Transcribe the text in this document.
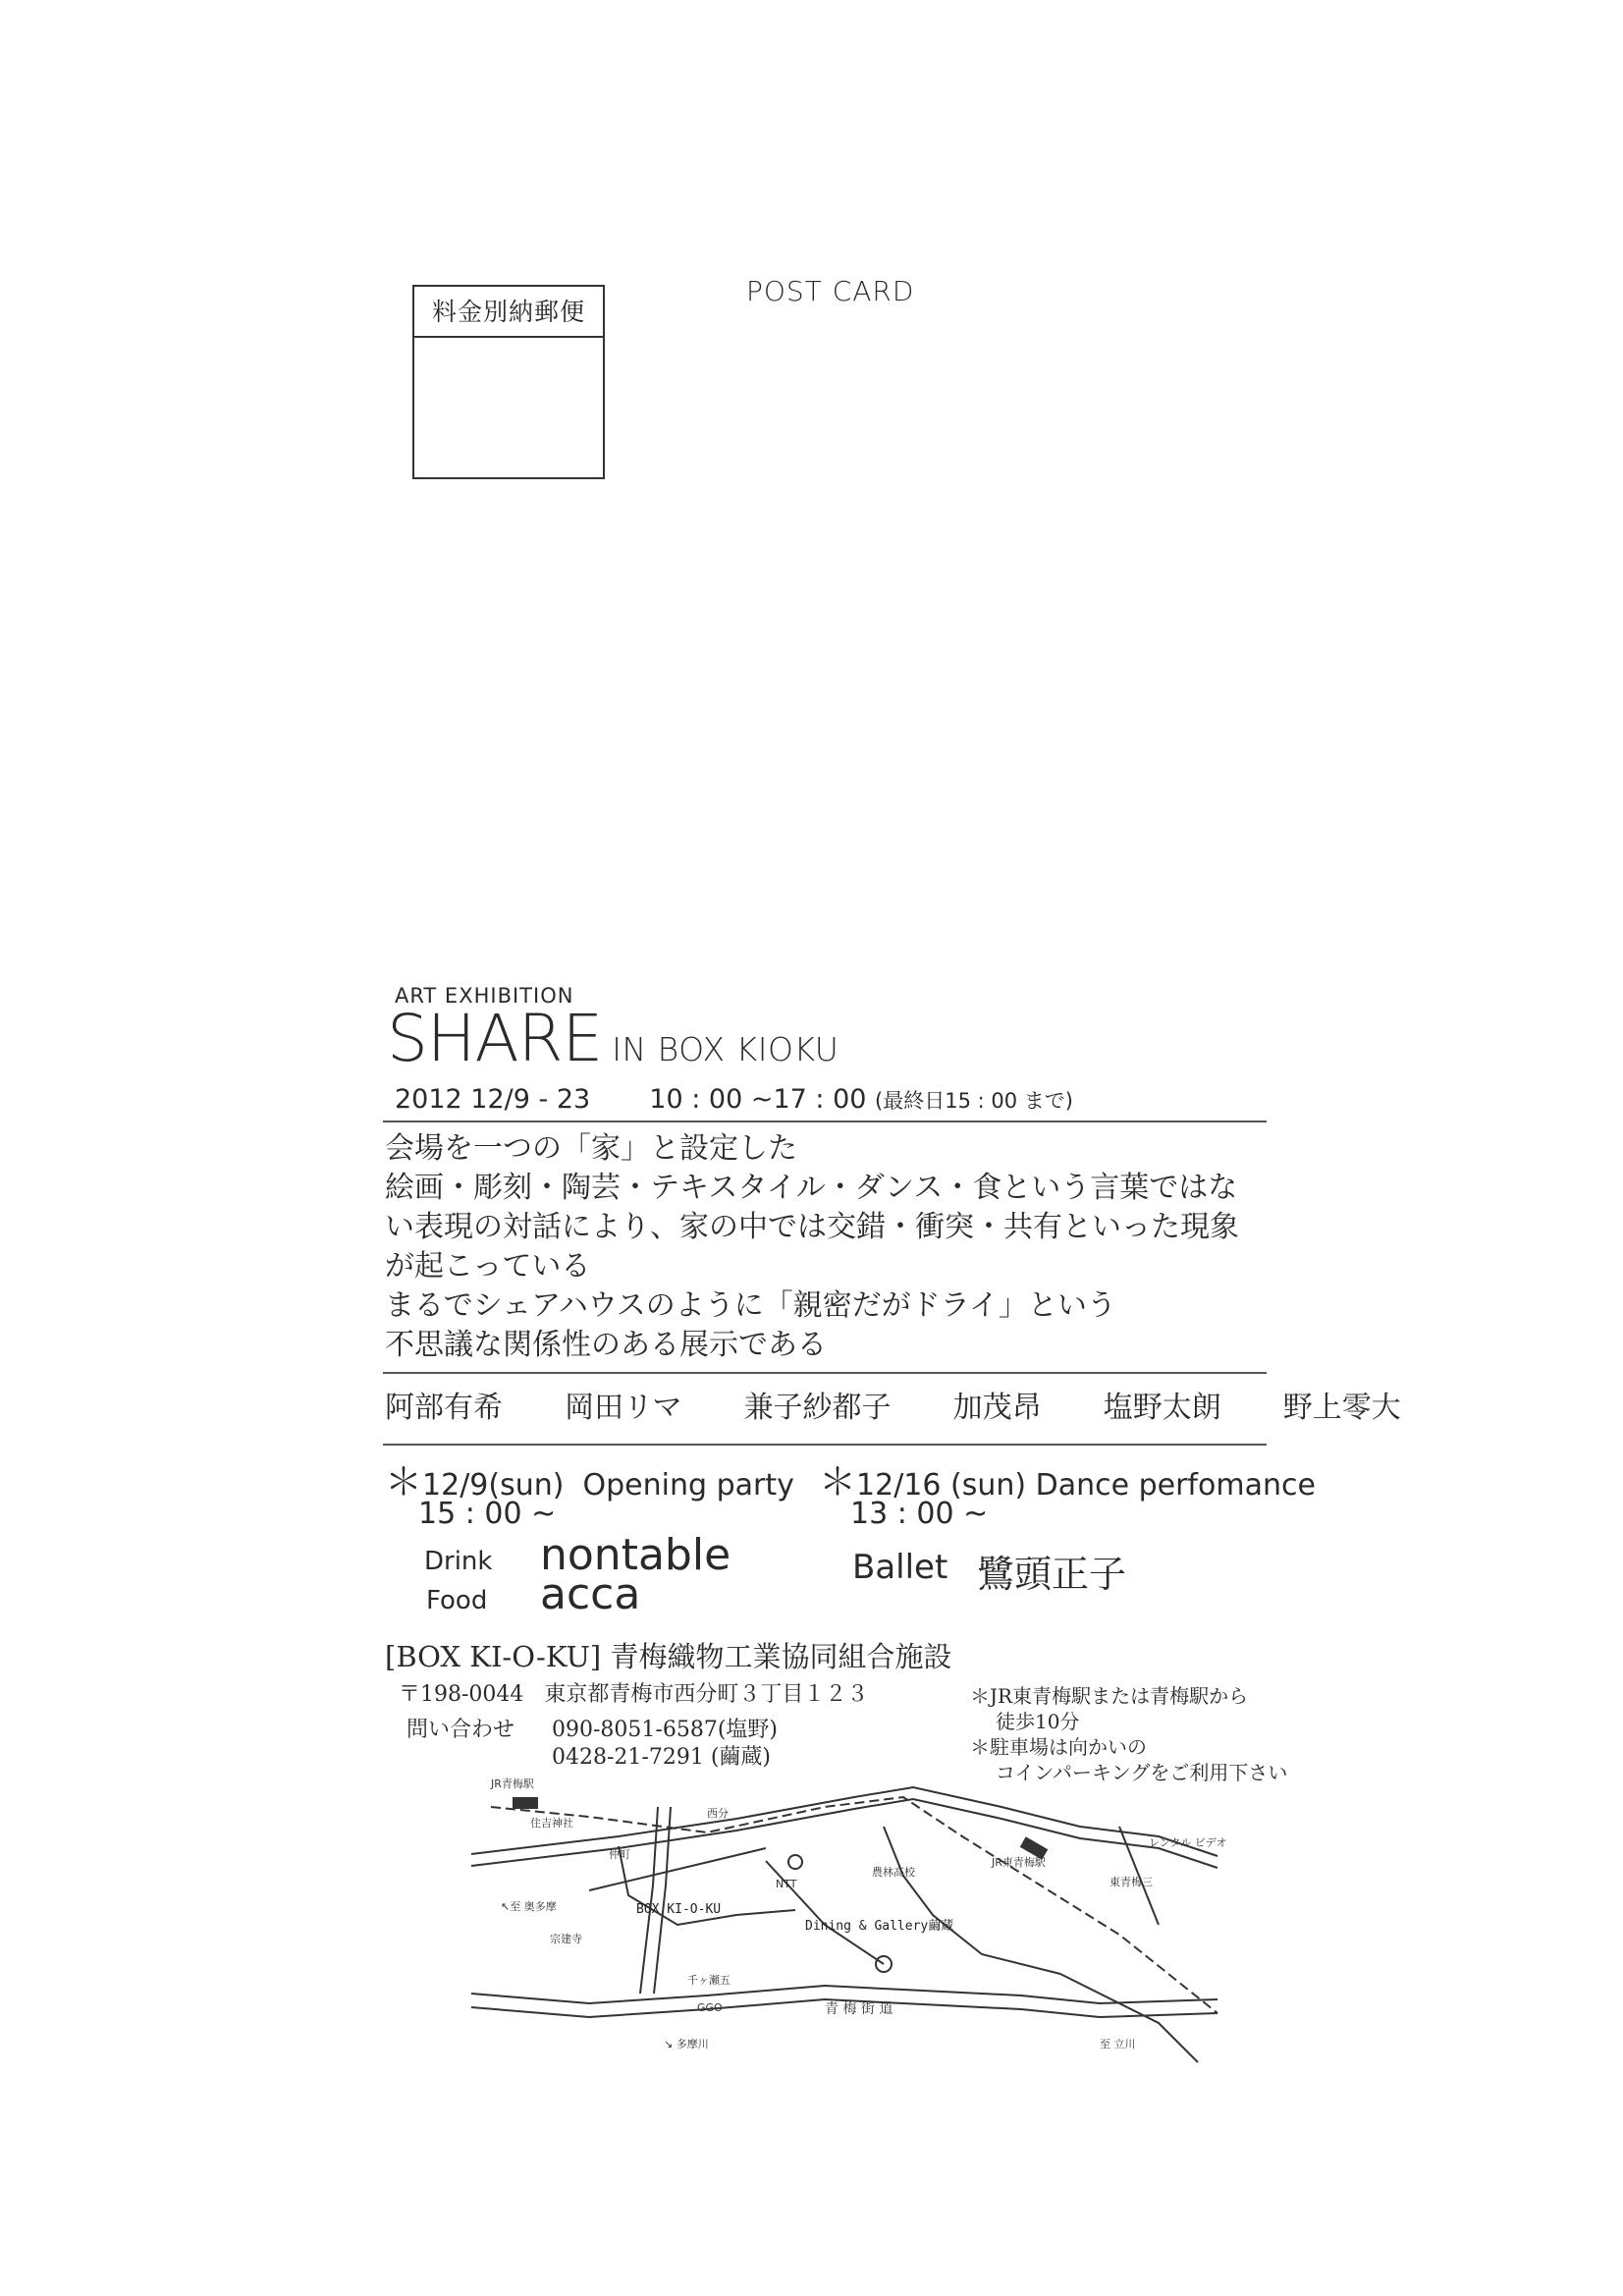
料金別納郵便
POST CARD
ART EXHIBITION
SHARE IN BOX KIOKU
2012 12/9 - 23 10 : 00 ~17 : 00 (最終日15 : 00 まで)
会場を一つの「家」と設定した
絵画・彫刻・陶芸・テキスタイル・ダンス・食という言葉ではな
い表現の対話により、家の中では交錯・衝突・共有といった現象
が起こっている
まるでシェアハウスのように「親密だがドライ」という
不思議な関係性のある展示である
阿部有希 岡田リマ 兼子紗都子 加茂昂 塩野太朗 野上零大
＊12/9(sun)  Opening party
15 : 00 ~
Drink nontable
Food acca
＊12/16 (sun) Dance perfomance
13 : 00 ~
Ballet 鷺頭正子
[BOX KI-O-KU] 青梅織物工業協同組合施設
〒198-0044 東京都青梅市西分町３丁目１２３
問い合わせ 090-8051-6587(塩野)
0428-21-7291 (繭蔵)
＊JR東青梅駅または青梅駅から
徒歩10分
＊駐車場は向かいの
コインパーキングをご利用下さい
JR青梅駅
住吉神社
西分
仲町
JR東青梅駅
レンタル ビデオ
東青梅三
農林高校
NTT
↖至 奥多摩
宗建寺
千ヶ瀬五
GGO	青 梅 街 道
↘ 多摩川	至 立川
BOX KI-O-KU
Dining & Gallery繭蔵
